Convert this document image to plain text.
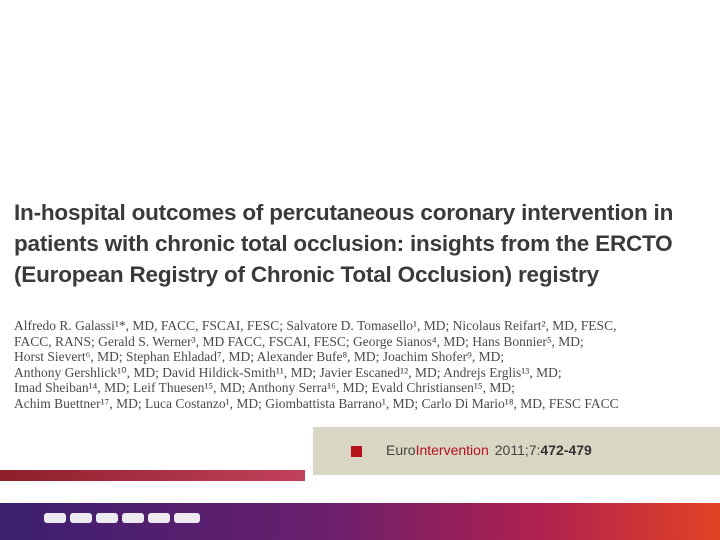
In-hospital outcomes of percutaneous coronary intervention in
patients with chronic total occlusion: insights from the ERCTO
(European Registry of Chronic Total Occlusion) registry
Alfredo R. Galassi¹*, MD, FACC, FSCAI, FESC; Salvatore D. Tomasello¹, MD; Nicolaus Reifart², MD, FESC,
FACC, RANS; Gerald S. Werner³, MD FACC, FSCAI, FESC; George Sianos⁴, MD; Hans Bonnier⁵, MD;
Horst Sievert⁶, MD; Stephan Ehladad⁷, MD; Alexander Bufe⁸, MD; Joachim Shofer⁹, MD;
Anthony Gershlick¹⁰, MD; David Hildick-Smith¹¹, MD; Javier Escaned¹², MD; Andrejs Erglis¹³, MD;
Imad Sheiban¹⁴, MD; Leif Thuesen¹⁵, MD; Anthony Serra¹⁶, MD; Evald Christiansen¹⁵, MD;
Achim Buettner¹⁷, MD; Luca Costanzo¹, MD; Giombattista Barrano¹, MD; Carlo Di Mario¹⁸, MD, FESC FACC
EuroIntervention 2011;7:472-479
